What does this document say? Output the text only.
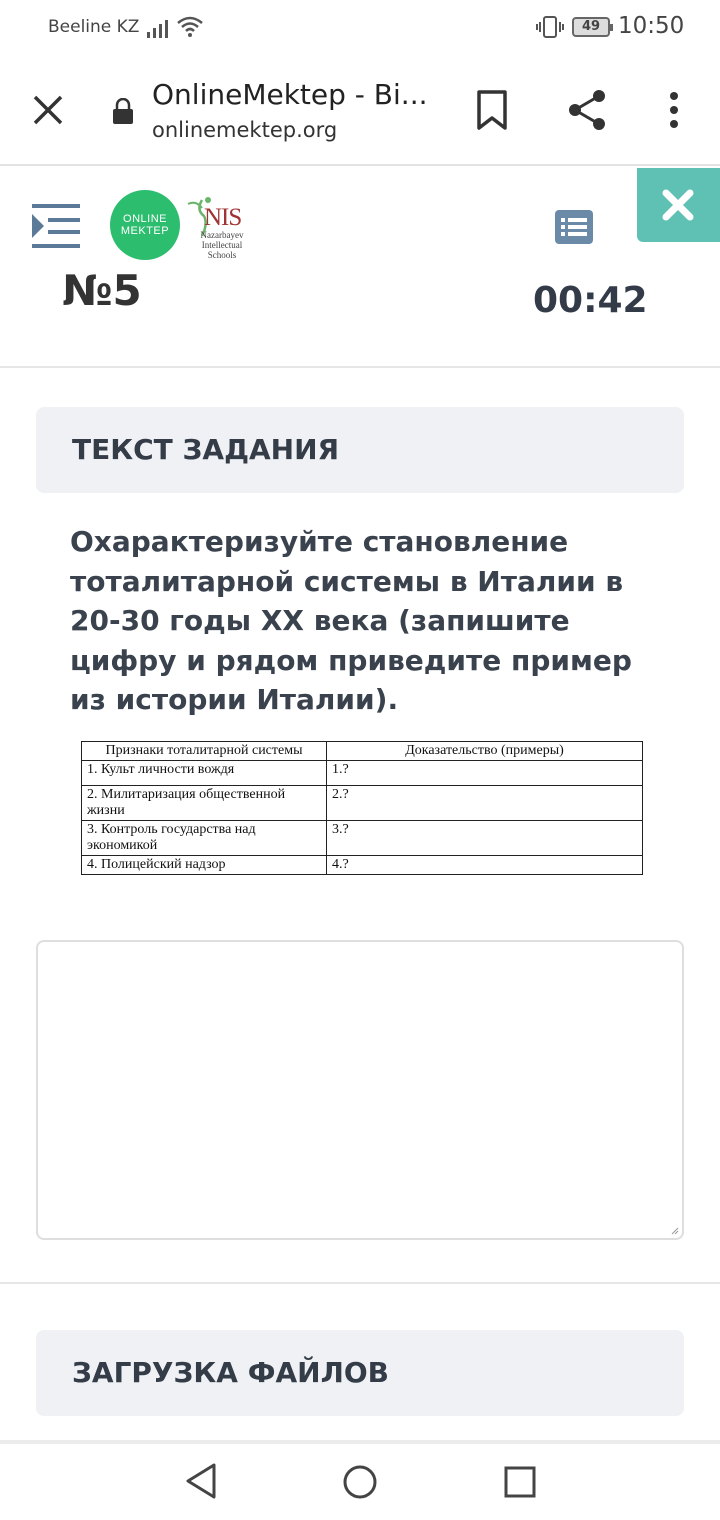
Beeline KZ	49 10:50
OnlineMektep - Bi...
onlinemektep.org
ONLINE
MEKTEP	NIS
Nazarbayev Intellectual Schools
№5	00:42
ТЕКСТ ЗАДАНИЯ
Охарактеризуйте становление тоталитарной системы в Италии в 20-30 годы XX века (запишите цифру и рядом приведите пример из истории Италии).
Признаки тоталитарной системы	Доказательство (примеры)
1. Культ личности вождя	1.?
2. Милитаризация общественной жизни	2.?
3. Контроль государства над экономикой	3.?
4. Полицейский надзор	4.?
ЗАГРУЗКА ФАЙЛОВ
